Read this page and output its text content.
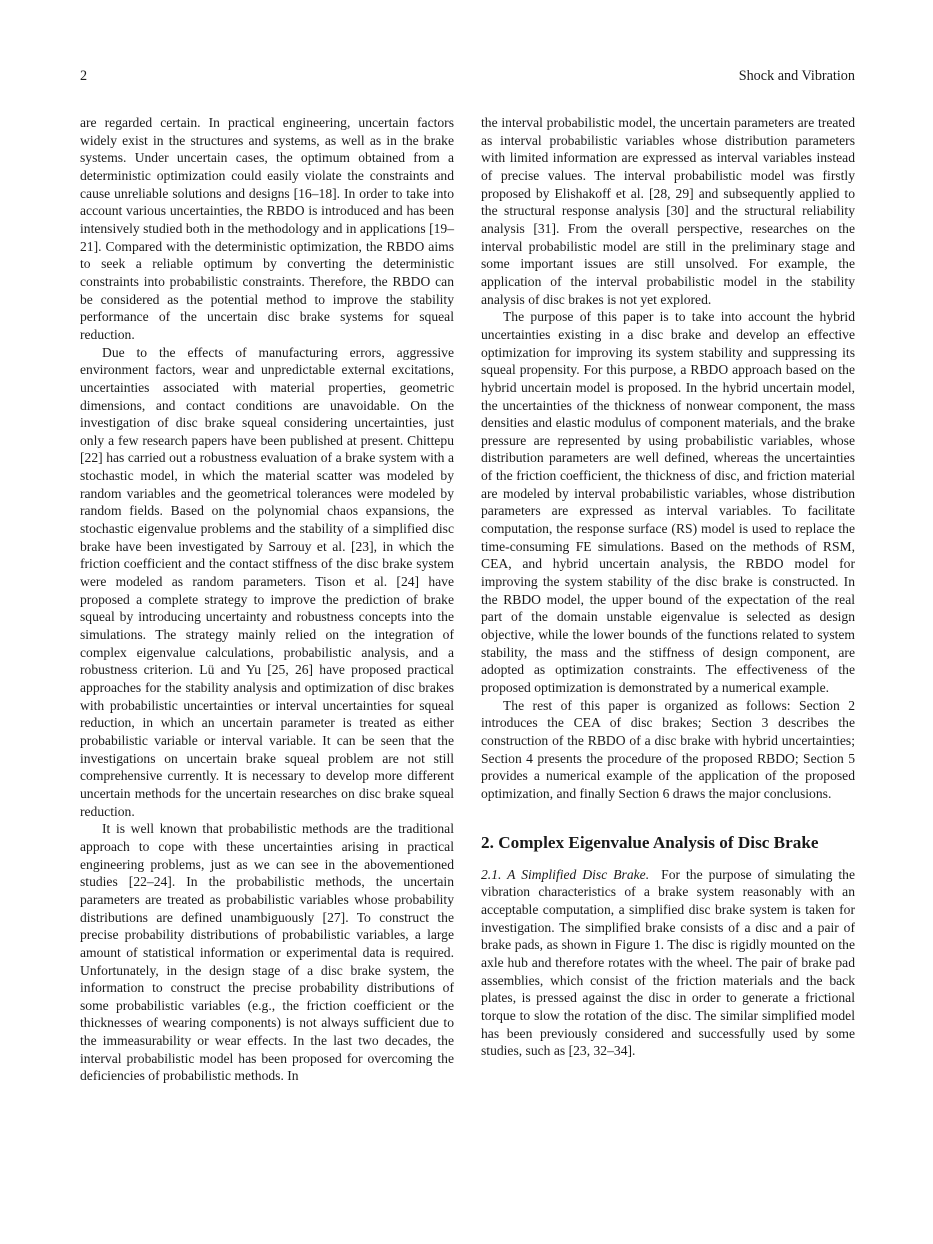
2	Shock and Vibration

are regarded certain. In practical engineering, uncertain factors widely exist in the structures and systems, as well as in the brake systems. Under uncertain cases, the optimum obtained from a deterministic optimization could easily violate the constraints and cause unreliable solutions and designs [16–18]. In order to take into account various uncertainties, the RBDO is introduced and has been intensively studied both in the methodology and in applications [19–21]. Compared with the deterministic optimization, the RBDO aims to seek a reliable optimum by converting the deterministic constraints into probabilistic constraints. Therefore, the RBDO can be considered as the potential method to improve the stability performance of the uncertain disc brake systems for squeal reduction.

Due to the effects of manufacturing errors, aggressive environment factors, wear and unpredictable external excitations, uncertainties associated with material properties, geometric dimensions, and contact conditions are unavoidable. On the investigation of disc brake squeal considering uncertainties, just only a few research papers have been published at present. Chittepu [22] has carried out a robustness evaluation of a brake system with a stochastic model, in which the material scatter was modeled by random variables and the geometrical tolerances were modeled by random fields. Based on the polynomial chaos expansions, the stochastic eigenvalue problems and the stability of a simplified disc brake have been investigated by Sarrouy et al. [23], in which the friction coefficient and the contact stiffness of the disc brake system were modeled as random parameters. Tison et al. [24] have proposed a complete strategy to improve the prediction of brake squeal by introducing uncertainty and robustness concepts into the simulations. The strategy mainly relied on the integration of complex eigenvalue calculations, probabilistic analysis, and a robustness criterion. Lü and Yu [25, 26] have proposed practical approaches for the stability analysis and optimization of disc brakes with probabilistic uncertainties or interval uncertainties for squeal reduction, in which an uncertain parameter is treated as either probabilistic variable or interval variable. It can be seen that the investigations on uncertain brake squeal problem are not still comprehensive currently. It is necessary to develop more different uncertain methods for the uncertain researches on disc brake squeal reduction.

It is well known that probabilistic methods are the traditional approach to cope with these uncertainties arising in practical engineering problems, just as we can see in the abovementioned studies [22–24]. In the probabilistic methods, the uncertain parameters are treated as probabilistic variables whose probability distributions are defined unambiguously [27]. To construct the precise probability distributions of probabilistic variables, a large amount of statistical information or experimental data is required. Unfortunately, in the design stage of a disc brake system, the information to construct the precise probability distributions of some probabilistic variables (e.g., the friction coefficient or the thicknesses of wearing components) is not always sufficient due to the immeasurability or wear effects. In the last two decades, the interval probabilistic model has been proposed for overcoming the deficiencies of probabilistic methods. In

the interval probabilistic model, the uncertain parameters are treated as interval probabilistic variables whose distribution parameters with limited information are expressed as interval variables instead of precise values. The interval probabilistic model was firstly proposed by Elishakoff et al. [28, 29] and subsequently applied to the structural response analysis [30] and the structural reliability analysis [31]. From the overall perspective, researches on the interval probabilistic model are still in the preliminary stage and some important issues are still unsolved. For example, the application of the interval probabilistic model in the stability analysis of disc brakes is not yet explored.

The purpose of this paper is to take into account the hybrid uncertainties existing in a disc brake and develop an effective optimization for improving its system stability and suppressing its squeal propensity. For this purpose, a RBDO approach based on the hybrid uncertain model is proposed. In the hybrid uncertain model, the uncertainties of the thickness of nonwear component, the mass densities and elastic modulus of component materials, and the brake pressure are represented by using probabilistic variables, whose distribution parameters are well defined, whereas the uncertainties of the friction coefficient, the thickness of disc, and friction material are modeled by interval probabilistic variables, whose distribution parameters are expressed as interval variables. To facilitate computation, the response surface (RS) model is used to replace the time-consuming FE simulations. Based on the methods of RSM, CEA, and hybrid uncertain analysis, the RBDO model for improving the system stability of the disc brake is constructed. In the RBDO model, the upper bound of the expectation of the real part of the domain unstable eigenvalue is selected as design objective, while the lower bounds of the functions related to system stability, the mass and the stiffness of design component, are adopted as optimization constraints. The effectiveness of the proposed optimization is demonstrated by a numerical example.

The rest of this paper is organized as follows: Section 2 introduces the CEA of disc brakes; Section 3 describes the construction of the RBDO of a disc brake with hybrid uncertainties; Section 4 presents the procedure of the proposed RBDO; Section 5 provides a numerical example of the application of the proposed optimization, and finally Section 6 draws the major conclusions.

2. Complex Eigenvalue Analysis of Disc Brake

2.1. A Simplified Disc Brake. For the purpose of simulating the vibration characteristics of a brake system reasonably with an acceptable computation, a simplified disc brake system is taken for investigation. The simplified brake consists of a disc and a pair of brake pads, as shown in Figure 1. The disc is rigidly mounted on the axle hub and therefore rotates with the wheel. The pair of brake pad assemblies, which consist of the friction materials and the back plates, is pressed against the disc in order to generate a frictional torque to slow the rotation of the disc. The similar simplified model has been previously considered and successfully used by some studies, such as [23, 32–34].
